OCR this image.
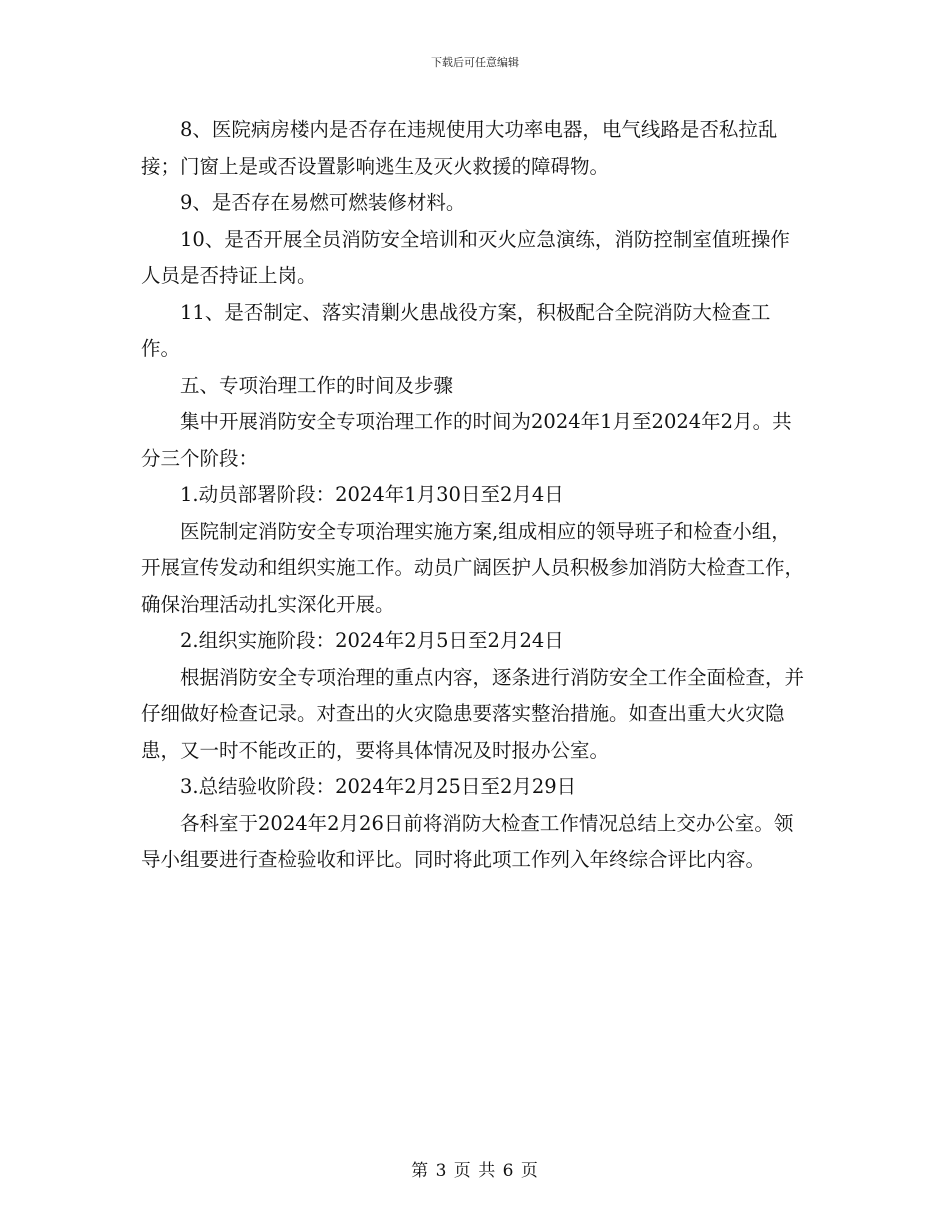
下载后可任意编辑

8、医院病房楼内是否存在违规使用大功率电器，电气线路是否私拉乱接；门窗上是或否设置影响逃生及灭火救援的障碍物。

9、是否存在易燃可燃装修材料。

10、是否开展全员消防安全培训和灭火应急演练，消防控制室值班操作人员是否持证上岗。

11、是否制定、落实清剿火患战役方案，积极配合全院消防大检查工作。

五、专项治理工作的时间及步骤

集中开展消防安全专项治理工作的时间为2024年1月至2024年2月。共分三个阶段：

1.动员部署阶段：2024年1月30日至2月4日

医院制定消防安全专项治理实施方案,组成相应的领导班子和检查小组，开展宣传发动和组织实施工作。动员广阔医护人员积极参加消防大检查工作，确保治理活动扎实深化开展。

2.组织实施阶段：2024年2月5日至2月24日

根据消防安全专项治理的重点内容，逐条进行消防安全工作全面检查，并仔细做好检查记录。对查出的火灾隐患要落实整治措施。如查出重大火灾隐患，又一时不能改正的，要将具体情况及时报办公室。

3.总结验收阶段：2024年2月25日至2月29日

各科室于2024年2月26日前将消防大检查工作情况总结上交办公室。领导小组要进行查检验收和评比。同时将此项工作列入年终综合评比内容。

第 3 页 共 6 页
